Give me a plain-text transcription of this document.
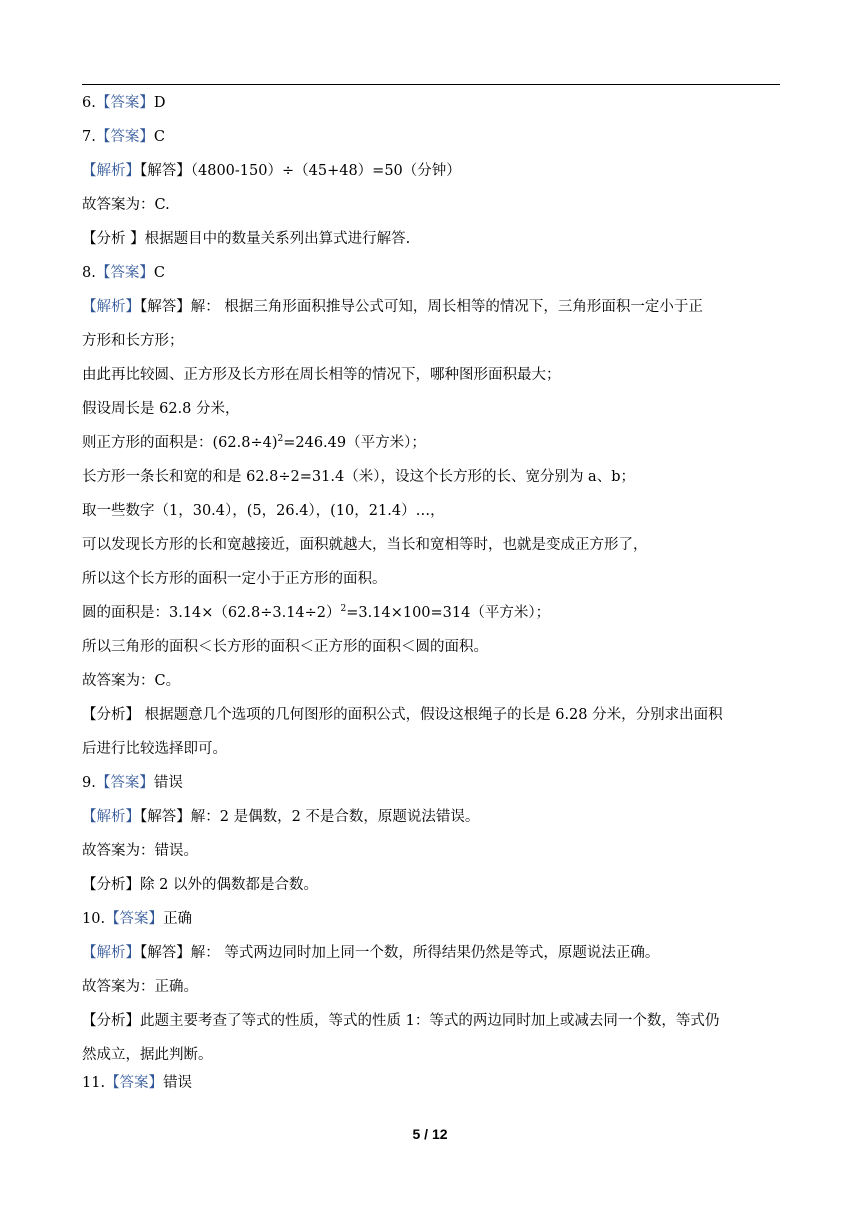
6.【答案】D
7.【答案】C
【解析】【解答】（4800-150）÷（45+48）=50（分钟）
故答案为：C.
【分析 】根据题目中的数量关系列出算式进行解答.
8.【答案】C
【解析】【解答】解： 根据三角形面积推导公式可知，周长相等的情况下，三角形面积一定小于正
方形和长方形；
由此再比较圆、正方形及长方形在周长相等的情况下，哪种图形面积最大；
假设周长是 62.8 分米，
则正方形的面积是：$(62.8\div 4)^2=246.49$（平方米）；
长方形一条长和宽的和是 62.8÷2=31.4（米），设这个长方形的长、宽分别为 a、b；
取一些数字（1，30.4），(5，26.4），(10，21.4）…，
可以发现长方形的长和宽越接近，面积就越大，当长和宽相等时，也就是变成正方形了，
所以这个长方形的面积一定小于正方形的面积。
圆的面积是：$3.14\times(62.8\div 3.14\div 2)^2=3.14\times 100=314$（平方米）；
所以三角形的面积＜长方形的面积＜正方形的面积＜圆的面积。
故答案为：C。
【分析】 根据题意几个选项的几何图形的面积公式，假设这根绳子的长是 6.28 分米，分别求出面积
后进行比较选择即可。
9.【答案】错误
【解析】【解答】解：2 是偶数，2 不是合数，原题说法错误。
故答案为：错误。
【分析】除 2 以外的偶数都是合数。
10.【答案】正确
【解析】【解答】解： 等式两边同时加上同一个数，所得结果仍然是等式，原题说法正确。
故答案为：正确。
【分析】此题主要考查了等式的性质，等式的性质 1：等式的两边同时加上或减去同一个数，等式仍
然成立，据此判断。
11.【答案】错误
5 / 12
